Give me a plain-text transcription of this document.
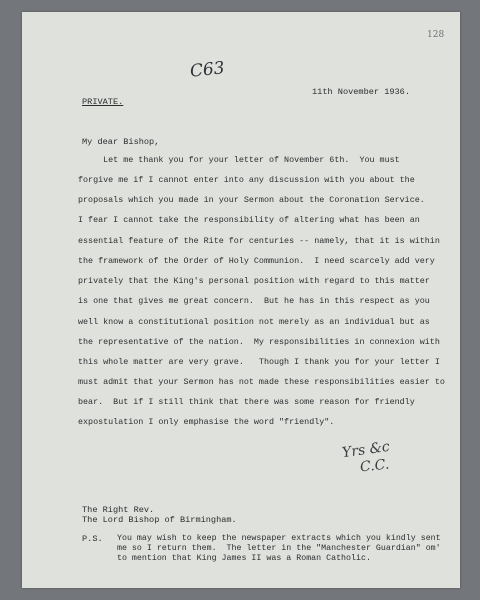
128
C63
11th November 1936.
PRIVATE.
My dear Bishop,
Let me thank you for your letter of November 6th.  You must
forgive me if I cannot enter into any discussion with you about the
proposals which you made in your Sermon about the Coronation Service.
I fear I cannot take the responsibility of altering what has been an
essential feature of the Rite for centuries -- namely, that it is within
the framework of the Order of Holy Communion.  I need scarcely add very
privately that the King's personal position with regard to this matter
is one that gives me great concern.  But he has in this respect as you
well know a constitutional position not merely as an individual but as
the representative of the nation.  My responsibilities in connexion with
this whole matter are very grave.   Though I thank you for your letter I
must admit that your Sermon has not made these responsibilities easier to
bear.  But if I still think that there was some reason for friendly
expostulation I only emphasise the word "friendly".
Yrs &c
C.C.
The Right Rev.
The Lord Bishop of Birmingham.
P.S. You may wish to keep the newspaper extracts which you kindly sent
me so I return them.  The letter in the "Manchester Guardian" om'
to mention that King James II was a Roman Catholic.
